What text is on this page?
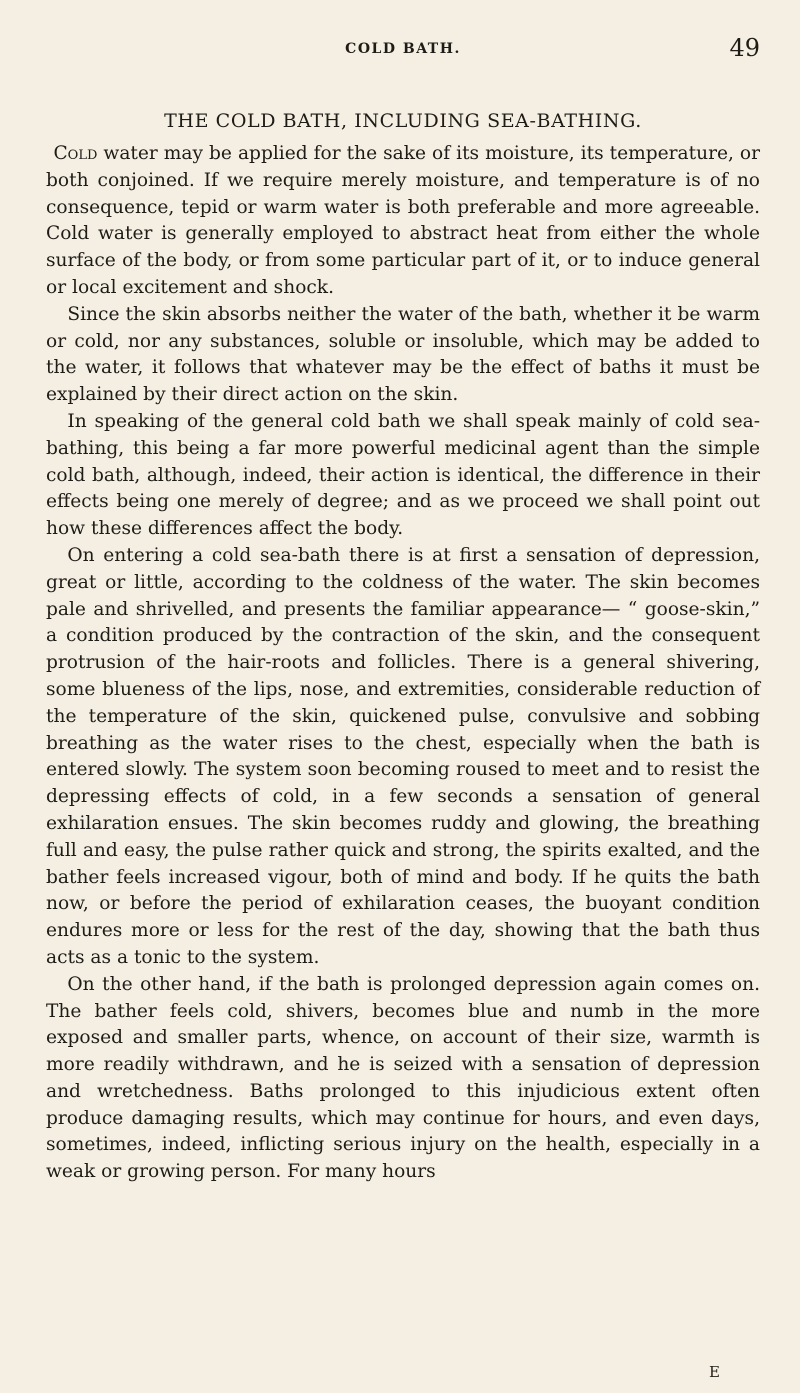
COLD BATH.	49
THE COLD BATH, INCLUDING SEA-BATHING.

Cold water may be applied for the sake of its moisture, its temperature, or both conjoined. If we require merely moisture, and temperature is of no consequence, tepid or warm water is both preferable and more agreeable. Cold water is generally employed to abstract heat from either the whole surface of the body, or from some particular part of it, or to induce general or local excitement and shock.

Since the skin absorbs neither the water of the bath, whether it be warm or cold, nor any substances, soluble or insoluble, which may be added to the water, it follows that whatever may be the effect of baths it must be explained by their direct action on the skin.

In speaking of the general cold bath we shall speak mainly of cold sea-bathing, this being a far more powerful medicinal agent than the simple cold bath, although, indeed, their action is identical, the difference in their effects being one merely of degree; and as we proceed we shall point out how these differences affect the body.

On entering a cold sea-bath there is at first a sensation of depression, great or little, according to the coldness of the water. The skin becomes pale and shrivelled, and presents the familiar appearance— “ goose-skin,” a condition produced by the contraction of the skin, and the consequent protrusion of the hair-roots and follicles. There is a general shivering, some blueness of the lips, nose, and extremities, considerable reduction of the temperature of the skin, quickened pulse, convulsive and sobbing breathing as the water rises to the chest, especially when the bath is entered slowly. The system soon becoming roused to meet and to resist the depressing effects of cold, in a few seconds a sensation of general exhilaration ensues. The skin becomes ruddy and glowing, the breathing full and easy, the pulse rather quick and strong, the spirits exalted, and the bather feels increased vigour, both of mind and body. If he quits the bath now, or before the period of exhilaration ceases, the buoyant condition endures more or less for the rest of the day, showing that the bath thus acts as a tonic to the system.

On the other hand, if the bath is prolonged depression again comes on. The bather feels cold, shivers, becomes blue and numb in the more exposed and smaller parts, whence, on account of their size, warmth is more readily withdrawn, and he is seized with a sensation of depression and wretchedness. Baths prolonged to this injudicious extent often produce damaging results, which may continue for hours, and even days, sometimes, indeed, inflicting serious injury on the health, especially in a weak or growing person. For many hours

E
